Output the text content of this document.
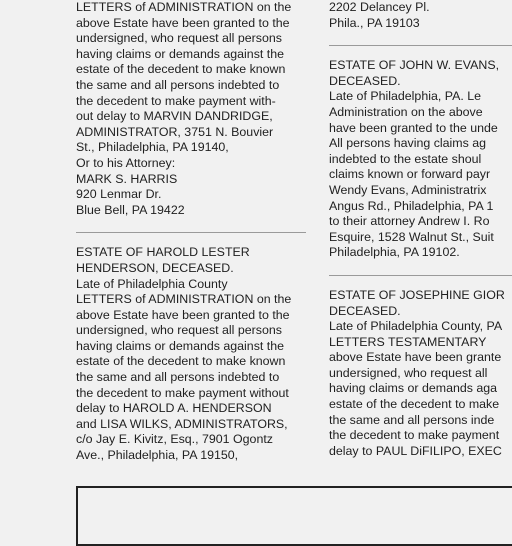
LETTERS of ADMINISTRATION on the
above Estate have been granted to the
undersigned, who request all persons
having claims or demands against the
estate of the decedent to make known
the same and all persons indebted to
the decedent to make payment with-
out delay to MARVIN DANDRIDGE,
ADMINISTRATOR, 3751 N. Bouvier
St., Philadelphia, PA 19140,
Or to his Attorney:
MARK S. HARRIS
920 Lenmar Dr.
Blue Bell, PA 19422
ESTATE OF HAROLD LESTER
HENDERSON, DECEASED.
Late of Philadelphia County
LETTERS of ADMINISTRATION on the
above Estate have been granted to the
undersigned, who request all persons
having claims or demands against the
estate of the decedent to make known
the same and all persons indebted to
the decedent to make payment without
delay to HAROLD A. HENDERSON
and LISA WILKS, ADMINISTRATORS,
c/o Jay E. Kivitz, Esq., 7901 Ogontz
Ave., Philadelphia, PA 19150,
2202 Delancey Pl.
Phila., PA 19103
ESTATE OF JOHN W. EVANS,
DECEASED.
Late of Philadelphia, PA. Le
Administration on the above
have been granted to the unde
All persons having claims ag
indebted to the estate shoul
claims known or forward payr
Wendy Evans, Administratrix
Angus Rd., Philadelphia, PA 1
to their attorney Andrew I. Ro
Esquire, 1528 Walnut St., Suit
Philadelphia, PA 19102.
ESTATE OF JOSEPHINE GIOR
DECEASED.
Late of Philadelphia County, PA
LETTERS TESTAMENTARY
above Estate have been grante
undersigned, who request all
having claims or demands aga
estate of the decedent to make
the same and all persons inde
the decedent to make payment
delay to PAUL DiFILIPO, EXEC
